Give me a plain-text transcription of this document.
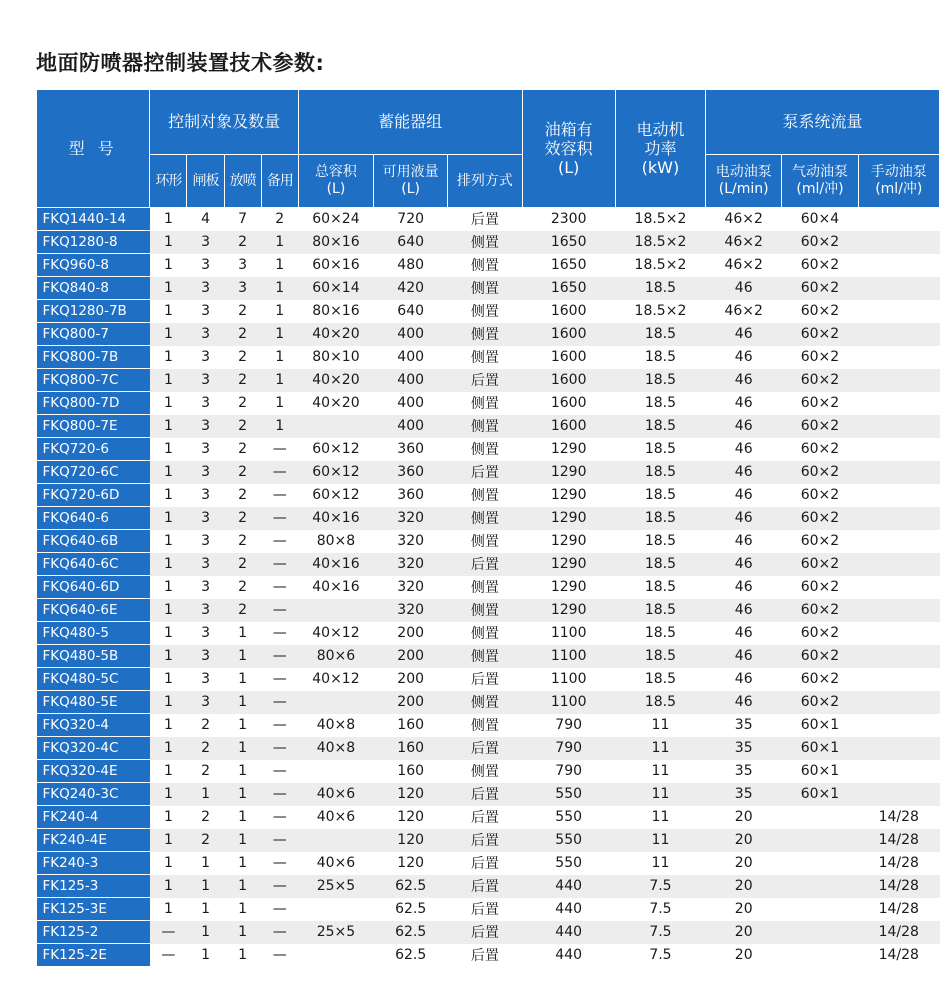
地面防喷器控制装置技术参数:
型 号	控制对象及数量				蓄能器组			油箱有
效容积
(L)	电动机
功率
(kW)	泵系统流量		
	环形	闸板	放喷	备用	总容积
(L)	可用液量
(L)	排列方式			电动油泵
(L/min)	气动油泵
(ml/冲)	手动油泵
(ml/冲)
FKQ1440-14	1	4	7	2	60×24	720	后置	2300	18.5×2	46×2	60×4	
FKQ1280-8	1	3	2	1	80×16	640	侧置	1650	18.5×2	46×2	60×2	
FKQ960-8	1	3	3	1	60×16	480	侧置	1650	18.5×2	46×2	60×2	
FKQ840-8	1	3	3	1	60×14	420	侧置	1650	18.5	46	60×2	
FKQ1280-7B	1	3	2	1	80×16	640	侧置	1600	18.5×2	46×2	60×2	
FKQ800-7	1	3	2	1	40×20	400	侧置	1600	18.5	46	60×2	
FKQ800-7B	1	3	2	1	80×10	400	侧置	1600	18.5	46	60×2	
FKQ800-7C	1	3	2	1	40×20	400	后置	1600	18.5	46	60×2	
FKQ800-7D	1	3	2	1	40×20	400	侧置	1600	18.5	46	60×2	
FKQ800-7E	1	3	2	1		400	侧置	1600	18.5	46	60×2	
FKQ720-6	1	3	2	—	60×12	360	侧置	1290	18.5	46	60×2	
FKQ720-6C	1	3	2	—	60×12	360	后置	1290	18.5	46	60×2	
FKQ720-6D	1	3	2	—	60×12	360	侧置	1290	18.5	46	60×2	
FKQ640-6	1	3	2	—	40×16	320	侧置	1290	18.5	46	60×2	
FKQ640-6B	1	3	2	—	80×8	320	侧置	1290	18.5	46	60×2	
FKQ640-6C	1	3	2	—	40×16	320	后置	1290	18.5	46	60×2	
FKQ640-6D	1	3	2	—	40×16	320	侧置	1290	18.5	46	60×2	
FKQ640-6E	1	3	2	—		320	侧置	1290	18.5	46	60×2	
FKQ480-5	1	3	1	—	40×12	200	侧置	1100	18.5	46	60×2	
FKQ480-5B	1	3	1	—	80×6	200	侧置	1100	18.5	46	60×2	
FKQ480-5C	1	3	1	—	40×12	200	后置	1100	18.5	46	60×2	
FKQ480-5E	1	3	1	—		200	侧置	1100	18.5	46	60×2	
FKQ320-4	1	2	1	—	40×8	160	侧置	790	11	35	60×1	
FKQ320-4C	1	2	1	—	40×8	160	后置	790	11	35	60×1	
FKQ320-4E	1	2	1	—		160	侧置	790	11	35	60×1	
FKQ240-3C	1	1	1	—	40×6	120	后置	550	11	35	60×1	
FK240-4	1	2	1	—	40×6	120	后置	550	11	20		14/28
FK240-4E	1	2	1	—		120	后置	550	11	20		14/28
FK240-3	1	1	1	—	40×6	120	后置	550	11	20		14/28
FK125-3	1	1	1	—	25×5	62.5	后置	440	7.5	20		14/28
FK125-3E	1	1	1	—		62.5	后置	440	7.5	20		14/28
FK125-2	—	1	1	—	25×5	62.5	后置	440	7.5	20		14/28
FK125-2E	—	1	1	—		62.5	后置	440	7.5	20		14/28
